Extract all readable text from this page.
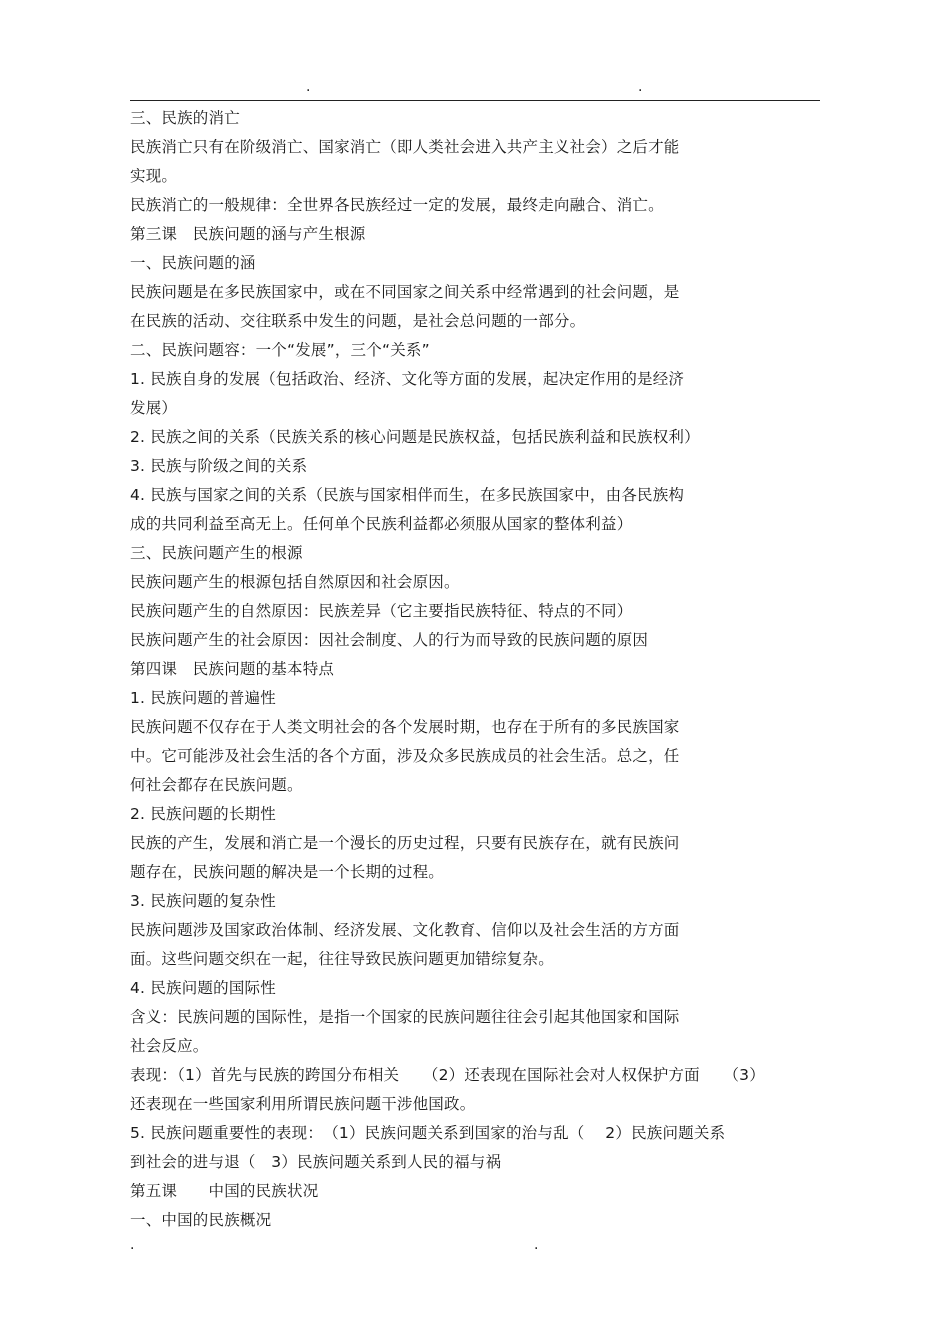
.	.
三、民族的消亡
民族消亡只有在阶级消亡、国家消亡（即人类社会进入共产主义社会）之后才能
实现。
民族消亡的一般规律：全世界各民族经过一定的发展，最终走向融合、消亡。
第三课　民族问题的涵与产生根源
一、民族问题的涵
民族问题是在多民族国家中，或在不同国家之间关系中经常遇到的社会问题，是
在民族的活动、交往联系中发生的问题，是社会总问题的一部分。
二、民族问题容：一个“发展”，三个“关系”
1. 民族自身的发展（包括政治、经济、文化等方面的发展，起决定作用的是经济
发展）
2. 民族之间的关系（民族关系的核心问题是民族权益，包括民族利益和民族权利）
3. 民族与阶级之间的关系
4. 民族与国家之间的关系（民族与国家相伴而生，在多民族国家中，由各民族构
成的共同利益至高无上。任何单个民族利益都必须服从国家的整体利益）
三、民族问题产生的根源
民族问题产生的根源包括自然原因和社会原因。
民族问题产生的自然原因：民族差异（它主要指民族特征、特点的不同）
民族问题产生的社会原因：因社会制度、人的行为而导致的民族问题的原因
第四课　民族问题的基本特点
1. 民族问题的普遍性
民族问题不仅存在于人类文明社会的各个发展时期，也存在于所有的多民族国家
中。它可能涉及社会生活的各个方面，涉及众多民族成员的社会生活。总之，任
何社会都存在民族问题。
2. 民族问题的长期性
民族的产生，发展和消亡是一个漫长的历史过程，只要有民族存在，就有民族问
题存在，民族问题的解决是一个长期的过程。
3. 民族问题的复杂性
民族问题涉及国家政治体制、经济发展、文化教育、信仰以及社会生活的方方面
面。这些问题交织在一起，往往导致民族问题更加错综复杂。
4. 民族问题的国际性
含义：民族问题的国际性，是指一个国家的民族问题往往会引起其他国家和国际
社会反应。
表现：（1）首先与民族的跨国分布相关　　（2）还表现在国际社会对人权保护方面　　（3）
还表现在一些国家利用所谓民族问题干涉他国政。
5. 民族问题重要性的表现：　（1）民族问题关系到国家的治与乱（　 2）民族问题关系
到社会的进与退（　3）民族问题关系到人民的福与祸
第五课　　中国的民族状况
一、中国的民族概况
.	.
